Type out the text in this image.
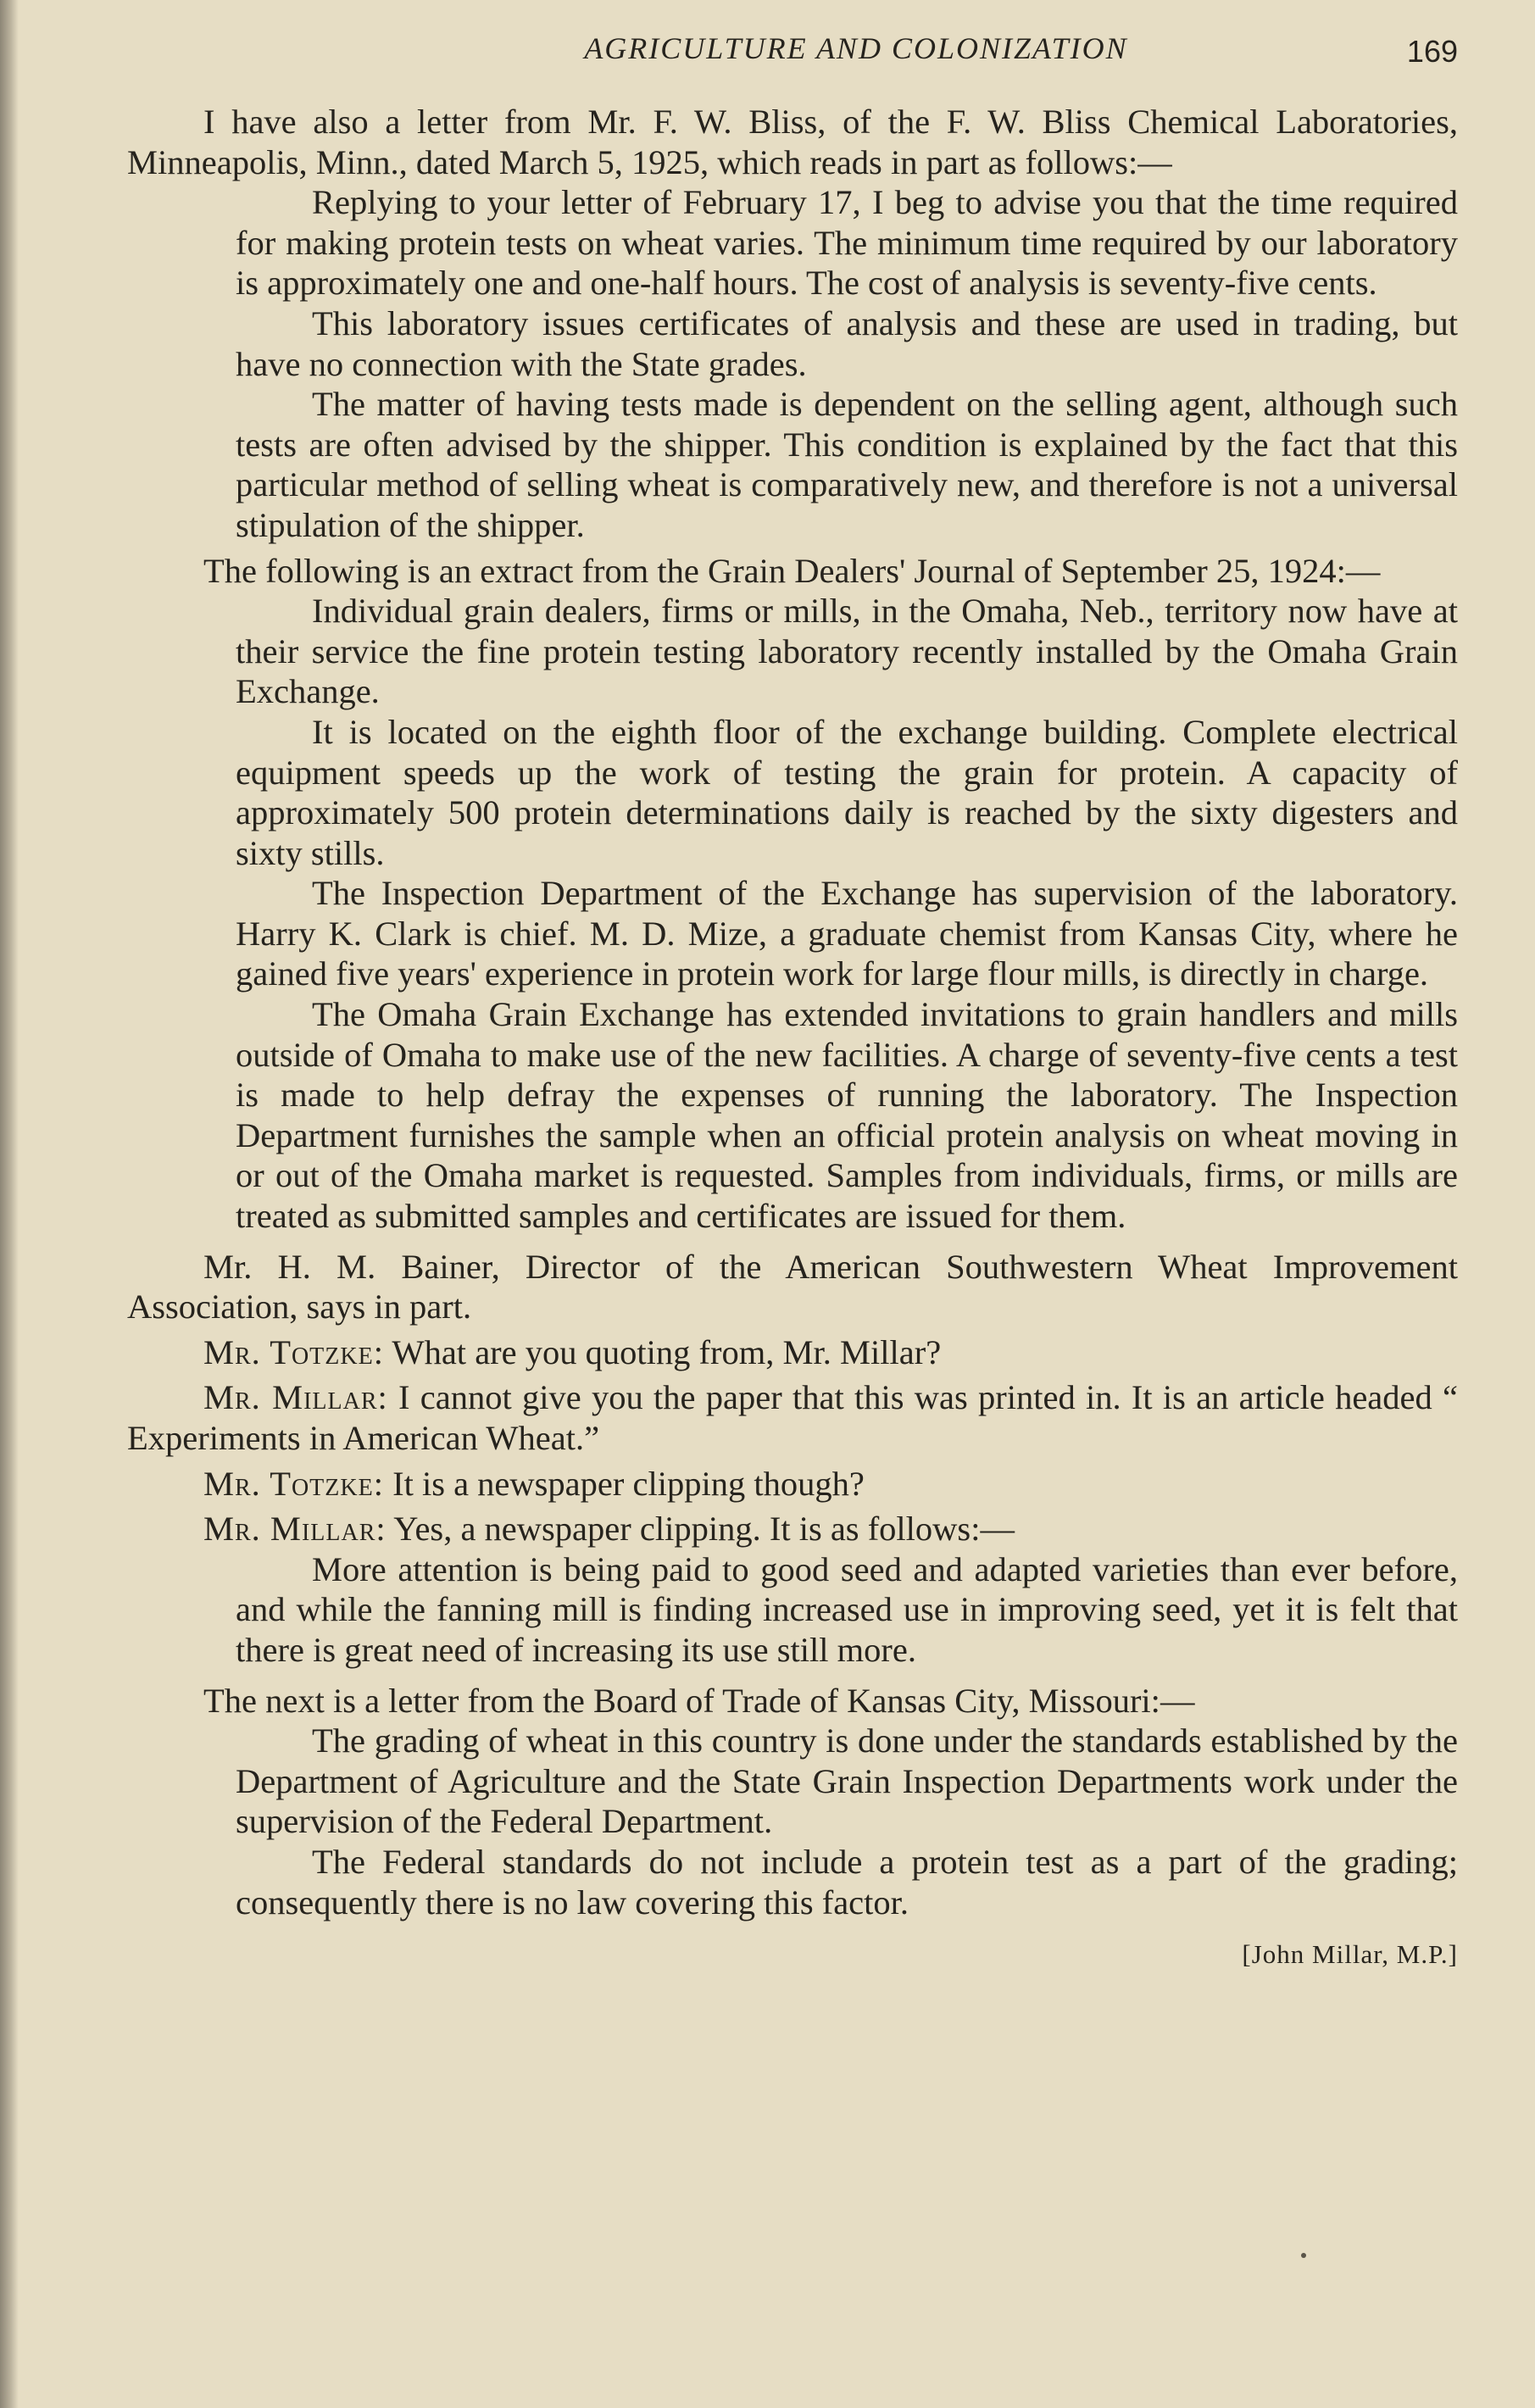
AGRICULTURE AND COLONIZATION	169

I have also a letter from Mr. F. W. Bliss, of the F. W. Bliss Chemical Laboratories, Minneapolis, Minn., dated March 5, 1925, which reads in part as follows:—

Replying to your letter of February 17, I beg to advise you that the time required for making protein tests on wheat varies. The minimum time required by our laboratory is approximately one and one-half hours. The cost of analysis is seventy-five cents.

This laboratory issues certificates of analysis and these are used in trading, but have no connection with the State grades.

The matter of having tests made is dependent on the selling agent, although such tests are often advised by the shipper. This condition is explained by the fact that this particular method of selling wheat is comparatively new, and therefore is not a universal stipulation of the shipper.

The following is an extract from the Grain Dealers' Journal of September 25, 1924:—

Individual grain dealers, firms or mills, in the Omaha, Neb., territory now have at their service the fine protein testing laboratory recently installed by the Omaha Grain Exchange.

It is located on the eighth floor of the exchange building. Complete electrical equipment speeds up the work of testing the grain for protein. A capacity of approximately 500 protein determinations daily is reached by the sixty digesters and sixty stills.

The Inspection Department of the Exchange has supervision of the laboratory. Harry K. Clark is chief. M. D. Mize, a graduate chemist from Kansas City, where he gained five years' experience in protein work for large flour mills, is directly in charge.

The Omaha Grain Exchange has extended invitations to grain handlers and mills outside of Omaha to make use of the new facilities. A charge of seventy-five cents a test is made to help defray the expenses of running the laboratory. The Inspection Department furnishes the sample when an official protein analysis on wheat moving in or out of the Omaha market is requested. Samples from individuals, firms, or mills are treated as submitted samples and certificates are issued for them.

Mr. H. M. Bainer, Director of the American Southwestern Wheat Improvement Association, says in part.

Mr. Totzke: What are you quoting from, Mr. Millar?

Mr. Millar: I cannot give you the paper that this was printed in. It is an article headed “ Experiments in American Wheat.”

Mr. Totzke: It is a newspaper clipping though?

Mr. Millar: Yes, a newspaper clipping. It is as follows:—

More attention is being paid to good seed and adapted varieties than ever before, and while the fanning mill is finding increased use in improving seed, yet it is felt that there is great need of increasing its use still more.

The next is a letter from the Board of Trade of Kansas City, Missouri:—

The grading of wheat in this country is done under the standards established by the Department of Agriculture and the State Grain Inspection Departments work under the supervision of the Federal Department.

The Federal standards do not include a protein test as a part of the grading; consequently there is no law covering this factor.

[John Millar, M.P.]
